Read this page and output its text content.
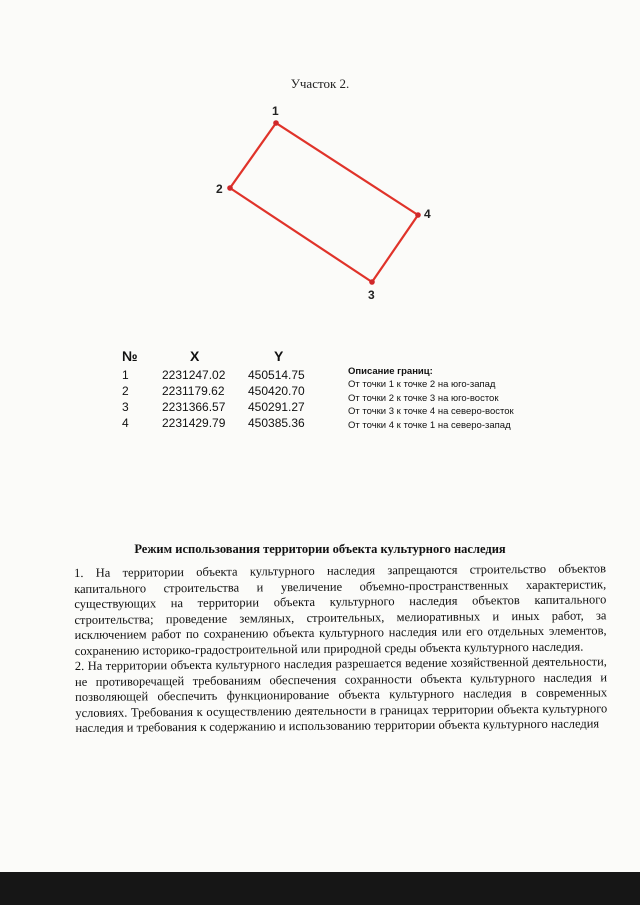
Участок 2.
1
2
3
4
№	X	Y
1	2231247.02 450514.75
2	2231179.62 450420.70
3	2231366.57 450291.27
4	2231429.79 450385.36
Описание границ:
От точки 1 к точке 2 на юго-запад
От точки 2 к точке 3 на юго-восток
От точки 3 к точке 4 на северо-восток
От точки 4 к точке 1 на северо-запад
Режим использования территории объекта культурного наследия

1. На территории объекта культурного наследия запрещаются строительство объектов капитального строительства и увеличение объемно-пространственных характеристик, существующих на территории объекта культурного наследия объектов капитального строительства; проведение земляных, строительных, мелиоративных и иных работ, за исключением работ по сохранению объекта культурного наследия или его отдельных элементов, сохранению историко-градостроительной или природной среды объекта культурного наследия.

2. На территории объекта культурного наследия разрешается ведение хозяйственной деятельности, не противоречащей требованиям обеспечения сохранности объекта культурного наследия и позволяющей обеспечить функционирование объекта культурного наследия в современных условиях. Требования к осуществлению деятельности в границах территории объекта культурного наследия и требования к содержанию и использованию территории объекта культурного наследия
